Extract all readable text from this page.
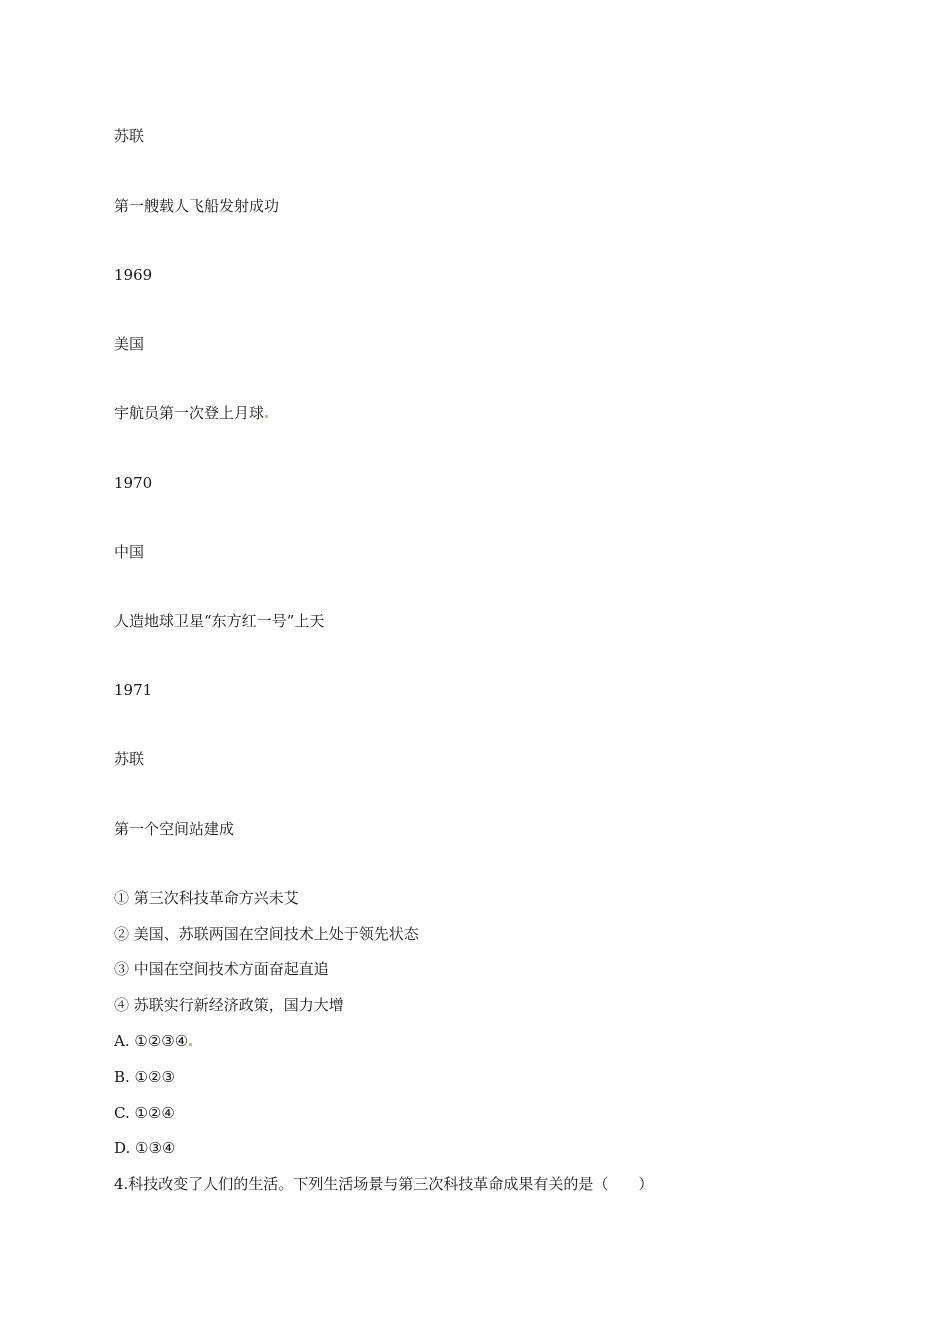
苏联
第一艘载人飞船发射成功
1969
美国
宇航员第一次登上月球
1970
中国
人造地球卫星“东方红一号”上天
1971
苏联
第一个空间站建成
① 第三次科技革命方兴未艾
② 美国、苏联两国在空间技术上处于领先状态
③ 中国在空间技术方面奋起直追
④ 苏联实行新经济政策，国力大增
A. ①②③④
B. ①②③
C. ①②④
D. ①③④
4.科技改变了人们的生活。下列生活场景与第三次科技革命成果有关的是（　　）
